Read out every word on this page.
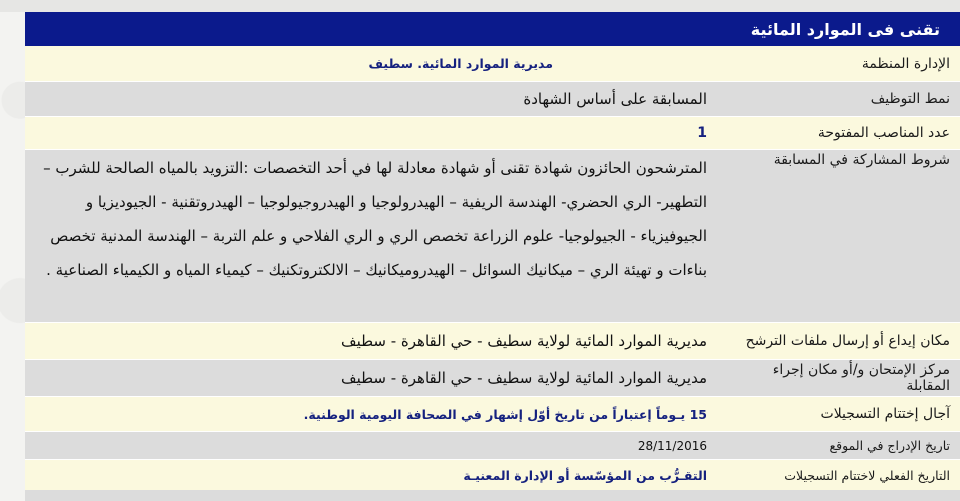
تقنى فى الموارد المائية
الإدارة المنظمة
مديرية الموارد المائية. سطيف
نمط التوظيف
المسابقة على أساس الشهادة
عدد المناصب المفتوحة
1
شروط المشاركة في المسابقة
المترشحون الحائزون شهادة تقنى أو شهادة معادلة لها في أحد التخصصات :التزويد بالمياه الصالحة للشرب – التطهير- الري الحضري- الهندسة الريفية – الهيدرولوجيا و الهيدروجيولوجيا – الهيدروتقنية - الجيوديزيا و الجيوفيزياء - الجيولوجيا- علوم الزراعة تخصص الري و الري الفلاحي و علم التربة – الهندسة المدنية تخصص بناءات و تهيئة الري – ميكانيك السوائل – الهيدروميكانيك – الالكتروتكنيك – كيمياء المياه و الكيمياء الصناعية .
مكان إيداع أو إرسال ملفات الترشح
مديرية الموارد المائية لولاية سطيف - حي القاهرة - سطيف
مركز الإمتحان و/أو مكان إجراء المقابلة
مديرية الموارد المائية لولاية سطيف - حي القاهرة - سطيف
آجال إختتام التسجيلات
15 يـوماً إعتباراً من تاريخ أوّل إشهار في الصحافة اليومية الوطنية.
تاريخ الإدراج في الموقع
28/11/2016
التاريخ الفعلي لاختتام التسجيلات
التقـرُّب من المؤسّسة أو الإدارة المعنيـة
